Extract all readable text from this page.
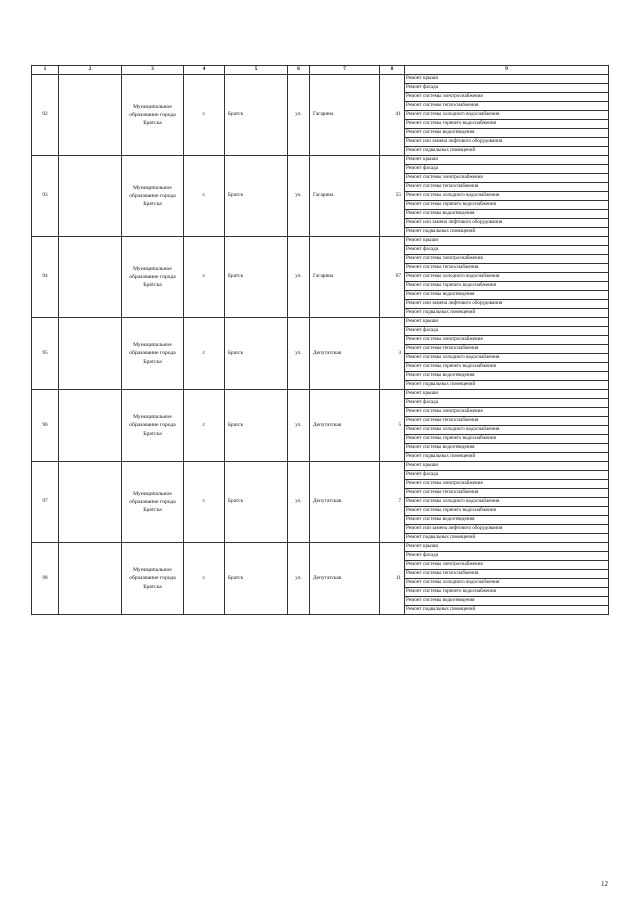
1	2	3	4	5	6	7	8	9
92		Муниципальное образование города Братска	г.	Братск	ул.	Гагарина	41	Ремонт крыши
								Ремонт фасада
								Ремонт системы электроснабжения
								Ремонт системы теплоснабжения
								Ремонт системы холодного водоснабжения
								Ремонт системы горячего водоснабжения
								Ремонт системы водоотведения
								Ремонт или замена лифтового оборудования
								Ремонт подвальных помещений
93		Муниципальное образование города Братска	г.	Братск	ул.	Гагарина	55	Ремонт крыши
								Ремонт фасада
								Ремонт системы электроснабжения
								Ремонт системы теплоснабжения
								Ремонт системы холодного водоснабжения
								Ремонт системы горячего водоснабжения
								Ремонт системы водоотведения
								Ремонт или замена лифтового оборудования
								Ремонт подвальных помещений
94		Муниципальное образование города Братска	г.	Братск	ул.	Гагарина	67	Ремонт крыши
								Ремонт фасада
								Ремонт системы электроснабжения
								Ремонт системы теплоснабжения
								Ремонт системы холодного водоснабжения
								Ремонт системы горячего водоснабжения
								Ремонт системы водоотведения
								Ремонт или замена лифтового оборудования
								Ремонт подвальных помещений
95		Муниципальное образование города Братска	г.	Братск	ул.	Депутатская	3	Ремонт крыши
								Ремонт фасада
								Ремонт системы электроснабжения
								Ремонт системы теплоснабжения
								Ремонт системы холодного водоснабжения
								Ремонт системы горячего водоснабжения
								Ремонт системы водоотведения
								Ремонт подвальных помещений
96		Муниципальное образование города Братска	г.	Братск	ул.	Депутатская	5	Ремонт крыши
								Ремонт фасада
								Ремонт системы электроснабжения
								Ремонт системы теплоснабжения
								Ремонт системы холодного водоснабжения
								Ремонт системы горячего водоснабжения
								Ремонт системы водоотведения
								Ремонт подвальных помещений
97		Муниципальное образование города Братска	г.	Братск	ул.	Депутатская	7	Ремонт крыши
								Ремонт фасада
								Ремонт системы электроснабжения
								Ремонт системы теплоснабжения
								Ремонт системы холодного водоснабжения
								Ремонт системы горячего водоснабжения
								Ремонт системы водоотведения
								Ремонт или замена лифтового оборудования
								Ремонт подвальных помещений
98		Муниципальное образование города Братска	г.	Братск	ул.	Депутатская	11	Ремонт крыши
								Ремонт фасада
								Ремонт системы электроснабжения
								Ремонт системы теплоснабжения
								Ремонт системы холодного водоснабжения
								Ремонт системы горячего водоснабжения
								Ремонт системы водоотведения
								Ремонт подвальных помещений
12
